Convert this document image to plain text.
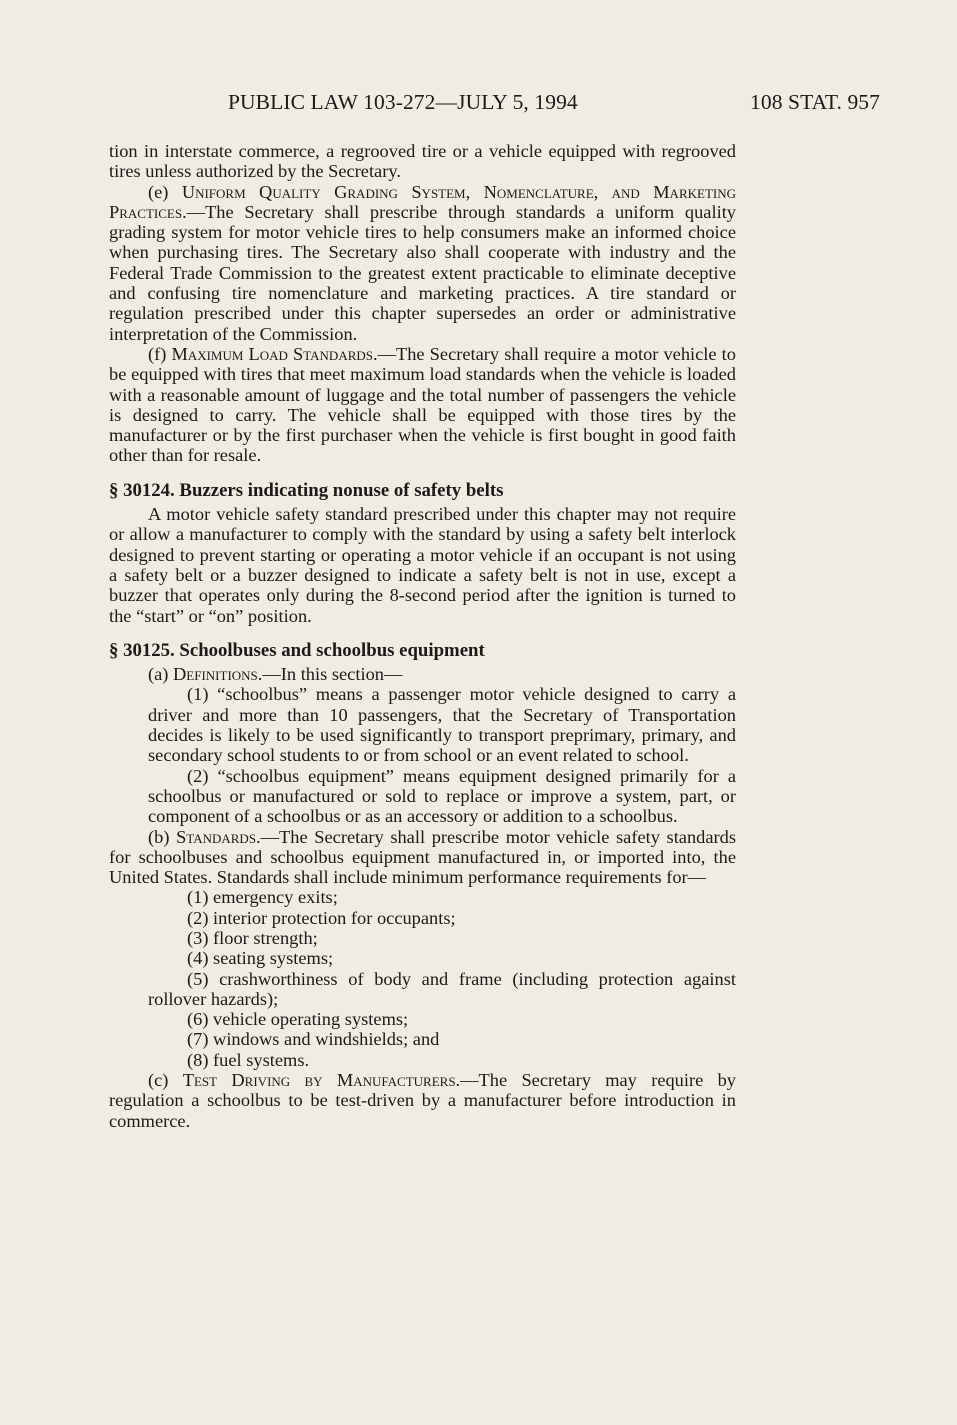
PUBLIC LAW 103-272—JULY 5, 1994	108 STAT. 957

tion in interstate commerce, a regrooved tire or a vehicle equipped with regrooved tires unless authorized by the Secretary.

(e) Uniform Quality Grading System, Nomenclature, and Marketing Practices.—The Secretary shall prescribe through standards a uniform quality grading system for motor vehicle tires to help consumers make an informed choice when purchasing tires. The Secretary also shall cooperate with industry and the Federal Trade Commission to the greatest extent practicable to eliminate deceptive and confusing tire nomenclature and marketing practices. A tire standard or regulation prescribed under this chapter supersedes an order or administrative interpretation of the Commission.

(f) Maximum Load Standards.—The Secretary shall require a motor vehicle to be equipped with tires that meet maximum load standards when the vehicle is loaded with a reasonable amount of luggage and the total number of passengers the vehicle is designed to carry. The vehicle shall be equipped with those tires by the manufacturer or by the first purchaser when the vehicle is first bought in good faith other than for resale.

§ 30124. Buzzers indicating nonuse of safety belts

A motor vehicle safety standard prescribed under this chapter may not require or allow a manufacturer to comply with the standard by using a safety belt interlock designed to prevent starting or operating a motor vehicle if an occupant is not using a safety belt or a buzzer designed to indicate a safety belt is not in use, except a buzzer that operates only during the 8-second period after the ignition is turned to the “start” or “on” position.

§ 30125. Schoolbuses and schoolbus equipment

(a) Definitions.—In this section—

(1) “schoolbus” means a passenger motor vehicle designed to carry a driver and more than 10 passengers, that the Secretary of Transportation decides is likely to be used significantly to transport preprimary, primary, and secondary school students to or from school or an event related to school.

(2) “schoolbus equipment” means equipment designed primarily for a schoolbus or manufactured or sold to replace or improve a system, part, or component of a schoolbus or as an accessory or addition to a schoolbus.

(b) Standards.—The Secretary shall prescribe motor vehicle safety standards for schoolbuses and schoolbus equipment manufactured in, or imported into, the United States. Standards shall include minimum performance requirements for—

(1) emergency exits;

(2) interior protection for occupants;

(3) floor strength;

(4) seating systems;

(5) crashworthiness of body and frame (including protection against rollover hazards);

(6) vehicle operating systems;

(7) windows and windshields; and

(8) fuel systems.

(c) Test Driving by Manufacturers.—The Secretary may require by regulation a schoolbus to be test-driven by a manufacturer before introduction in commerce.
